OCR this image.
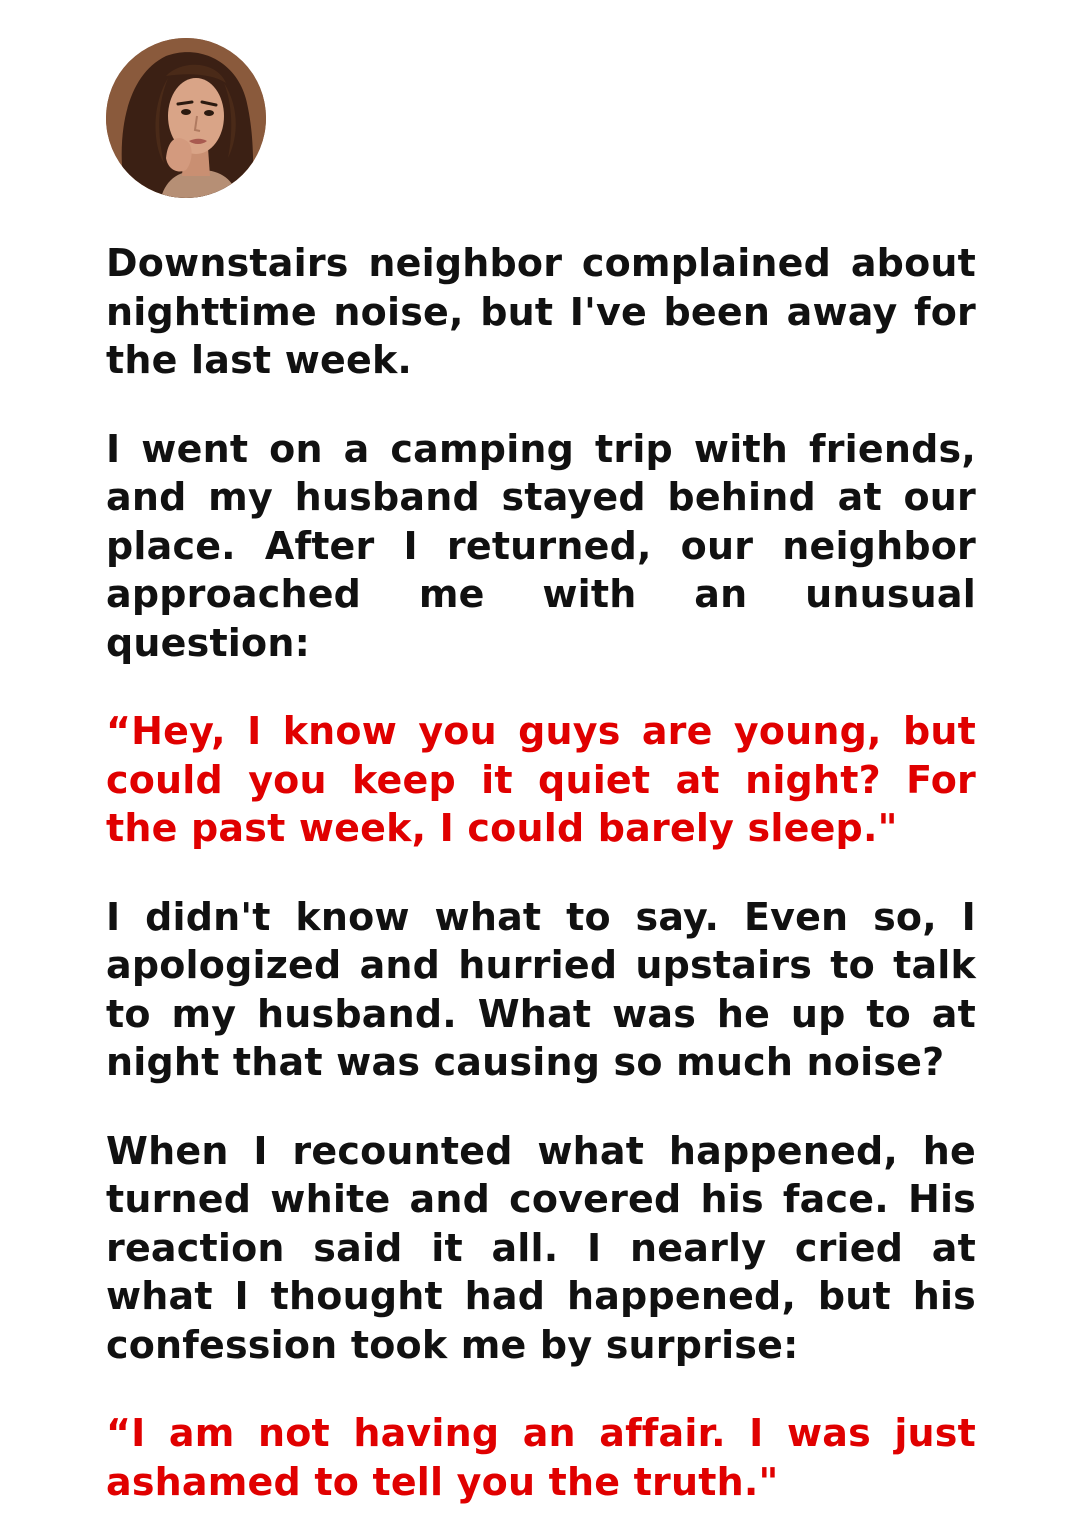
Downstairs neighbor complained about nighttime noise, but I've been away for the last week.

I went on a camping trip with friends, and my husband stayed behind at our place. After I returned, our neighbor approached me with an unusual question:

“Hey, I know you guys are young, but could you keep it quiet at night? For the past week, I could barely sleep."

I didn't know what to say. Even so, I apologized and hurried upstairs to talk to my husband. What was he up to at night that was causing so much noise?

When I recounted what happened, he turned white and covered his face. His reaction said it all. I nearly cried at what I thought had happened, but his confession took me by surprise:

“I am not having an affair. I was just ashamed to tell you the truth."
